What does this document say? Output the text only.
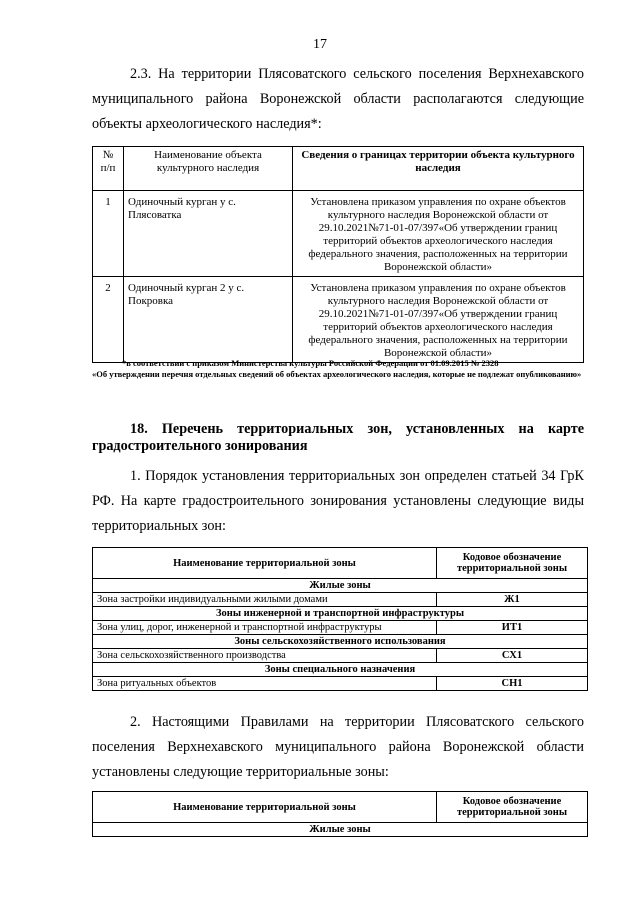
17
2.3. На территории Плясоватского сельского поселения Верхнехавского муниципального района Воронежской области располагаются следующие объекты археологического наследия*:
№ п/п	Наименование объекта культурного наследия	Сведения о границах территории объекта культурного наследия
1	Одиночный курган у с. Плясоватка	Установлена приказом управления по охране объектов культурного наследия Воронежской области от 29.10.2021№71-01-07/397«Об утверждении границ территорий объектов археологического наследия федерального значения, расположенных на территории Воронежской области»
2	Одиночный курган 2 у с. Покровка	Установлена приказом управления по охране объектов культурного наследия Воронежской области от 29.10.2021№71-01-07/397«Об утверждении границ территорий объектов археологического наследия федерального значения, расположенных на территории Воронежской области»
*в соответствии с приказом Министерства культуры Российской Федерации от 01.09.2015 № 2328
«Об утверждении перечня отдельных сведений об объектах археологического наследия, которые не подлежат опубликованию»
18. Перечень территориальных зон, установленных на карте градостроительного зонирования
1. Порядок установления территориальных зон определен статьей 34 ГрК РФ. На карте градостроительного зонирования установлены следующие виды территориальных зон:
Наименование территориальной зоны	Кодовое обозначение территориальной зоны
Жилые зоны	
Зона застройки индивидуальными жилыми домами	Ж1
Зоны инженерной и транспортной инфраструктуры	
Зона улиц, дорог, инженерной и транспортной инфраструктуры	ИТ1
Зоны сельскохозяйственного использования	
Зона сельскохозяйственного производства	СХ1
Зоны специального назначения	
Зона ритуальных объектов	СН1
2. Настоящими Правилами на территории Плясоватского сельского поселения Верхнехавского муниципального района Воронежской области установлены следующие территориальные зоны:
Наименование территориальной зоны	Кодовое обозначение территориальной зоны
Жилые зоны
